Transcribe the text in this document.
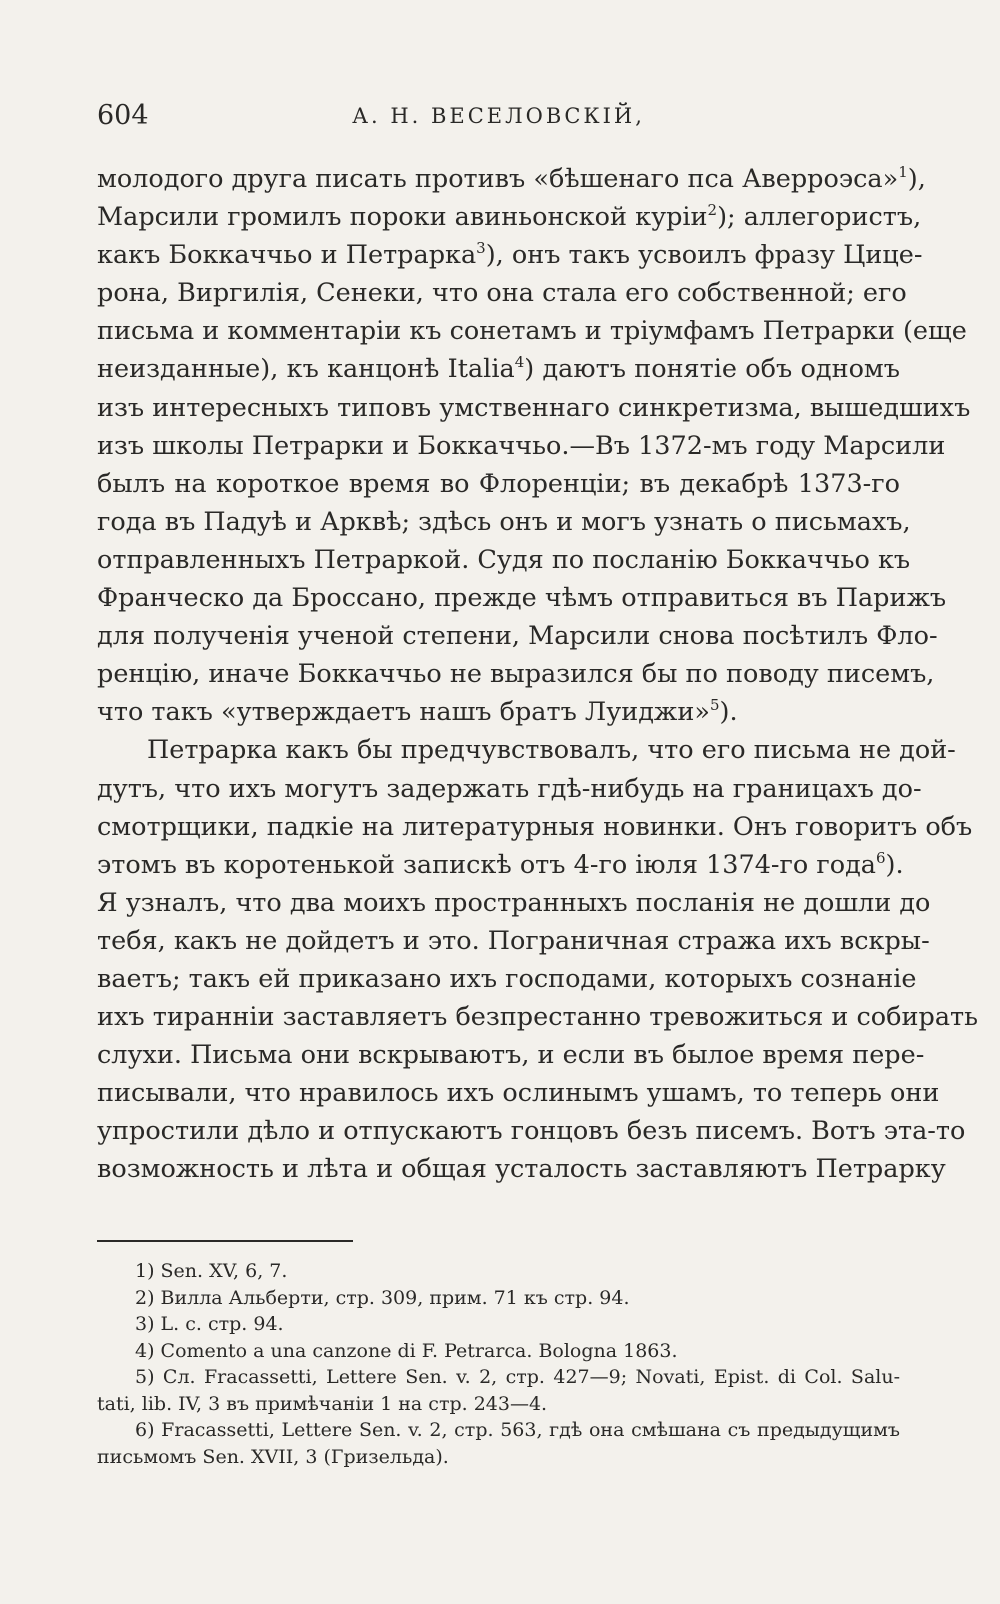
604	А. Н. ВЕСЕЛОВСКІЙ,
молодого друга писать противъ «бѣшенаго пса Аверроэса»$^1$),
Марсили громилъ пороки авиньонской куріи$^2$); аллегористъ,
какъ Боккаччьо и Петрарка$^3$), онъ такъ усвоилъ фразу Цице-
рона, Виргилія, Сенеки, что она стала его собственной; его
письма и комментаріи къ сонетамъ и тріумфамъ Петрарки (еще
неизданные), къ канцонѣ Italia$^4$) даютъ понятіе объ одномъ
изъ интересныхъ типовъ умственнаго синкретизма, вышедшихъ
изъ школы Петрарки и Боккаччьо.—Въ 1372-мъ году Марсили
былъ на короткое время во Флоренціи; въ декабрѣ 1373-го
года въ Падуѣ и Арквѣ; здѣсь онъ и могъ узнать о письмахъ,
отправленныхъ Петраркой. Судя по посланію Боккаччьо къ
Франческо да Броссано, прежде чѣмъ отправиться въ Парижъ
для полученія ученой степени, Марсили снова посѣтилъ Фло-
ренцію, иначе Боккаччьо не выразился бы по поводу писемъ,
что такъ «утверждаетъ нашъ братъ Луиджи»$^5$).
Петрарка какъ бы предчувствовалъ, что его письма не дой-
дутъ, что ихъ могутъ задержать гдѣ-нибудь на границахъ до-
смотрщики, падкіе на литературныя новинки. Онъ говоритъ объ
этомъ въ коротенькой запискѣ отъ 4-го іюля 1374-го года$^6$).
Я узналъ, что два моихъ пространныхъ посланія не дошли до
тебя, какъ не дойдетъ и это. Пограничная стража ихъ вскры-
ваетъ; такъ ей приказано ихъ господами, которыхъ сознаніе
ихъ тиранніи заставляетъ безпрестанно тревожиться и собирать
слухи. Письма они вскрываютъ, и если въ былое время пере-
писывали, что нравилось ихъ ослинымъ ушамъ, то теперь они
упростили дѣло и отпускаютъ гонцовъ безъ писемъ. Вотъ эта-то
возможность и лѣта и общая усталость заставляютъ Петрарку
1) Sen. XV, 6, 7.
2) Вилла Альберти, стр. 309, прим. 71 къ стр. 94.
3) L. c. стр. 94.
4) Comento a una canzone di F. Petrarca. Bologna 1863.
5) Сл. Fracassetti, Lettere Sen. v. 2, стр. 427—9; Novati, Epist. di Col. Salu-
tati, lib. IV, 3 въ примѣчаніи 1 на стр. 243—4.
6) Fracassetti, Lettere Sen. v. 2, стр. 563, гдѣ она смѣшана съ предыдущимъ
письмомъ Sen. XVII, 3 (Гризельда).
